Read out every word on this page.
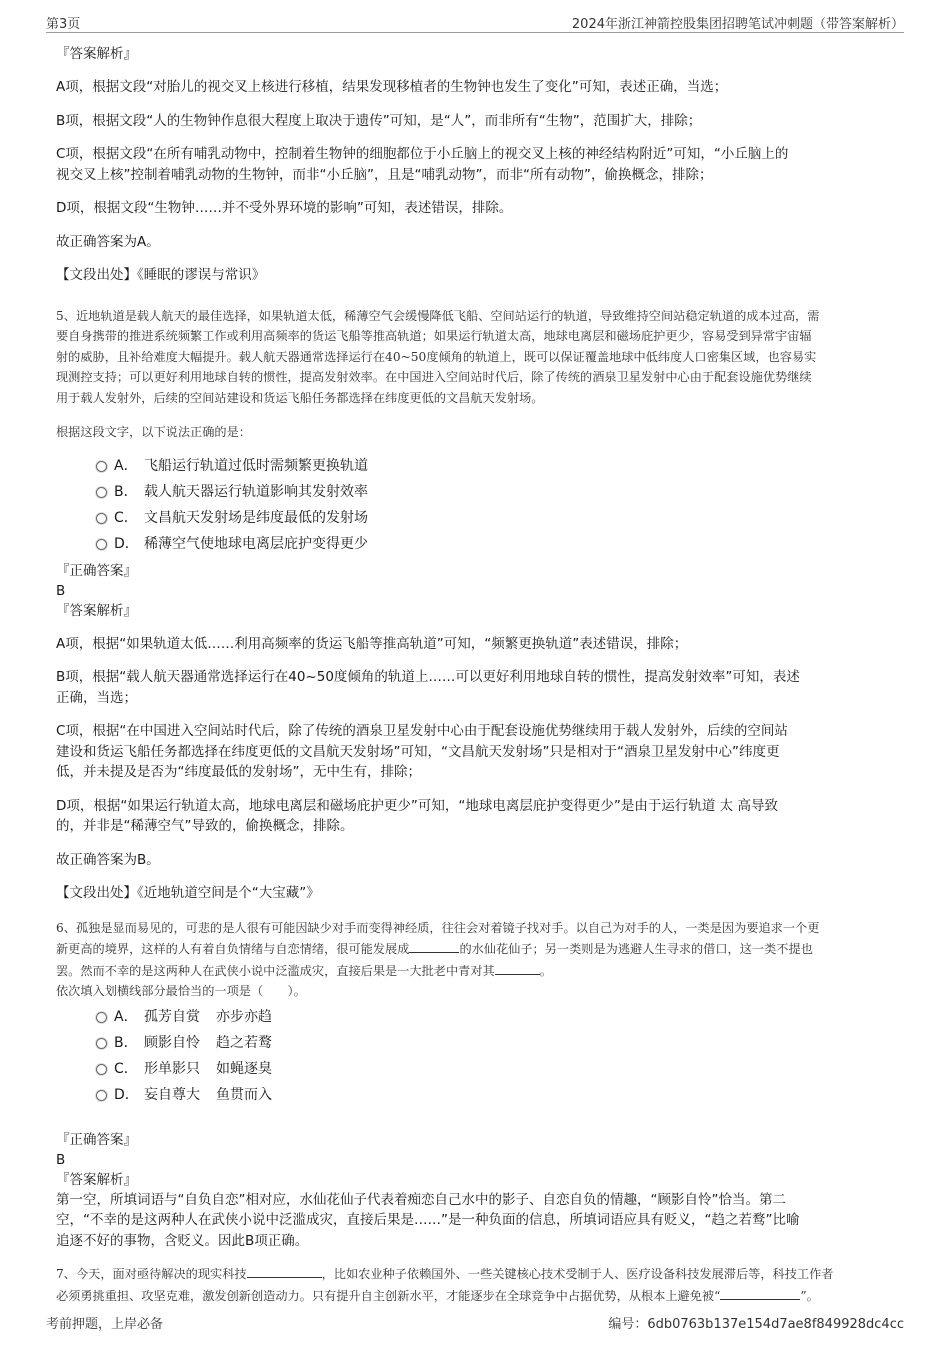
第3页	2024年浙江神箭控股集团招聘笔试冲刺题（带答案解析）

『答案解析』

A项，根据文段“对胎儿的视交叉上核进行移植，结果发现移植者的生物钟也发生了变化”可知，表述正确，当选；

B项，根据文段“人的生物钟作息很大程度上取决于遗传”可知，是“人”，而非所有“生物”，范围扩大，排除；

C项，根据文段“在所有哺乳动物中，控制着生物钟的细胞都位于小丘脑上的视交叉上核的神经结构附近”可知，“小丘脑上的

视交叉上核”控制着哺乳动物的生物钟，而非“小丘脑”，且是“哺乳动物”，而非“所有动物”，偷换概念，排除；

D项，根据文段“生物钟……并不受外界环境的影响”可知，表述错误，排除。

故正确答案为A。

【文段出处】《睡眠的谬误与常识》

5、近地轨道是载人航天的最佳选择，如果轨道太低，稀薄空气会缓慢降低飞船、空间站运行的轨道，导致维持空间站稳定轨道的成本过高，需

要自身携带的推进系统频繁工作或利用高频率的货运飞船等推高轨道；如果运行轨道太高，地球电离层和磁场庇护更少，容易受到异常宇宙辐

射的威胁，且补给难度大幅提升。载人航天器通常选择运行在40~50度倾角的轨道上，既可以保证覆盖地球中低纬度人口密集区域，也容易实

现测控支持；可以更好利用地球自转的惯性，提高发射效率。在中国进入空间站时代后，除了传统的酒泉卫星发射中心由于配套设施优势继续

用于载人发射外，后续的空间站建设和货运飞船任务都选择在纬度更低的文昌航天发射场。

根据这段文字，以下说法正确的是：

A． 飞船运行轨道过低时需频繁更换轨道
B． 载人航天器运行轨道影响其发射效率
C． 文昌航天发射场是纬度最低的发射场
D． 稀薄空气使地球电离层庇护变得更少

『正确答案』

B

『答案解析』

A项，根据“如果轨道太低……利用高频率的货运飞船等推高轨道”可知，“频繁更换轨道”表述错误，排除；

B项，根据“载人航天器通常选择运行在40~50度倾角的轨道上……可以更好利用地球自转的惯性，提高发射效率”可知，表述

正确，当选；

C项，根据“在中国进入空间站时代后，除了传统的酒泉卫星发射中心由于配套设施优势继续用于载人发射外，后续的空间站

建设和货运飞船任务都选择在纬度更低的文昌航天发射场”可知，“文昌航天发射场”只是相对于“酒泉卫星发射中心”纬度更

低，并未提及是否为“纬度最低的发射场”，无中生有，排除；

D项，根据“如果运行轨道太高，地球电离层和磁场庇护更少”可知，“地球电离层庇护变得更少”是由于运行轨道 太 高导致

的，并非是“稀薄空气”导致的，偷换概念，排除。

故正确答案为B。

【文段出处】《近地轨道空间是个“大宝藏”》

6、孤独是显而易见的，可悲的是人很有可能因缺少对手而变得神经质，往往会对着镜子找对手。以自己为对手的人，一类是因为要追求一个更

新更高的境界，这样的人有着自负情绪与自恋情绪，很可能发展成	的水仙花仙子；另一类则是为逃避人生寻求的借口，这一类不提也

罢。然而不幸的是这两种人在武侠小说中泛滥成灾，直接后果是一大批老中青对其	。

依次填入划横线部分最恰当的一项是（　　）。

A． 孤芳自赏 亦步亦趋
B． 顾影自怜 趋之若鹜
C． 形单影只 如蝇逐臭
D． 妄自尊大 鱼贯而入

『正确答案』

B

『答案解析』

第一空，所填词语与“自负自恋”相对应，水仙花仙子代表着痴恋自己水中的影子、自恋自负的情趣，“顾影自怜”恰当。第二

空，“不幸的是这两种人在武侠小说中泛滥成灾，直接后果是……”是一种负面的信息，所填词语应具有贬义，“趋之若鹜”比喻

追逐不好的事物，含贬义。因此B项正确。

7、今天，面对亟待解决的现实科技	，比如农业种子依赖国外、一些关键核心技术受制于人、医疗设备科技发展滞后等，科技工作者

必须勇挑重担、攻坚克难，激发创新创造动力。只有提升自主创新水平，才能逐步在全球竞争中占据优势，从根本上避免被“	”。

考前押题，上岸必备	编号：6db0763b137e154d7ae8f849928dc4cc
